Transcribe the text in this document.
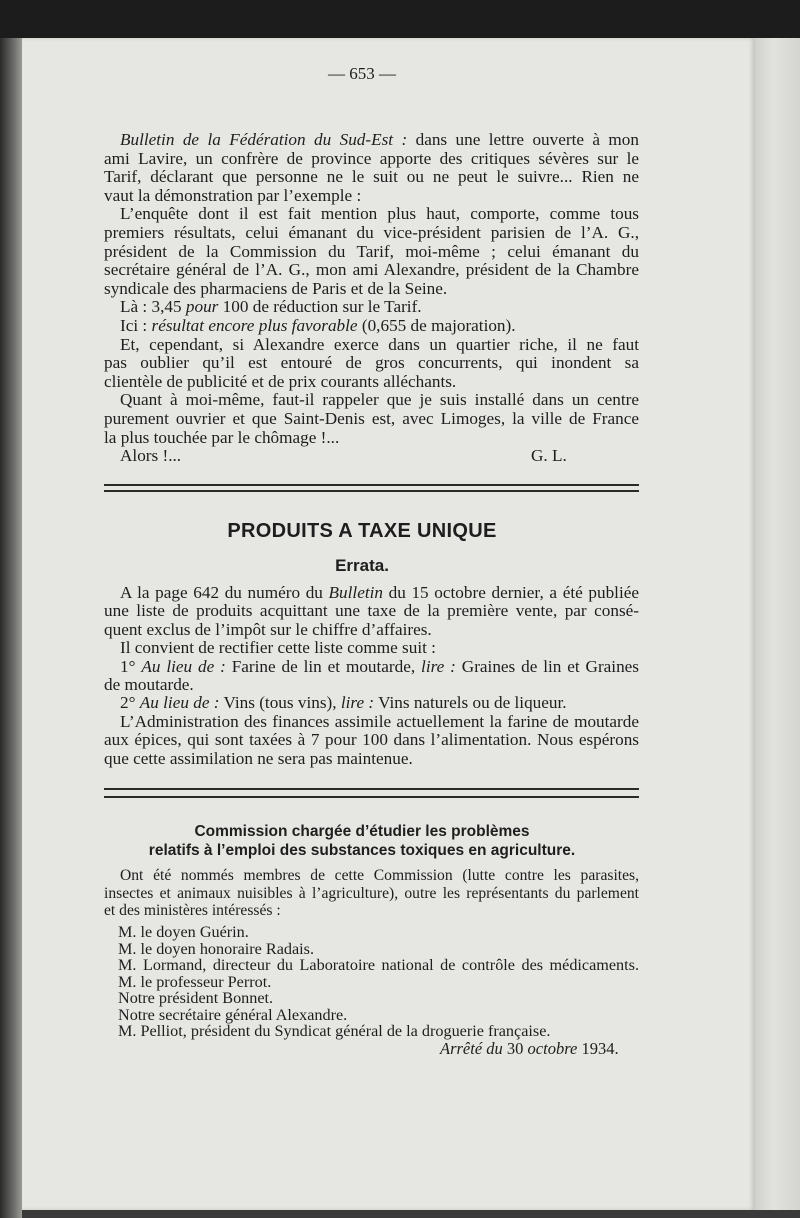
— 653 —
Bulletin de la Fédération du Sud-Est : dans une lettre ouverte à mon
ami Lavire, un confrère de province apporte des critiques sévères sur le
Tarif, déclarant que personne ne le suit ou ne peut le suivre... Rien ne
vaut la démonstration par l’exemple :
L’enquête dont il est fait mention plus haut, comporte, comme tous
premiers résultats, celui émanant du vice-président parisien de l’A. G.,
président de la Commission du Tarif, moi-même ; celui émanant du
secrétaire général de l’A. G., mon ami Alexandre, président de la Chambre
syndicale des pharmaciens de Paris et de la Seine.
Là : 3,45 pour 100 de réduction sur le Tarif.
Ici : résultat encore plus favorable (0,655 de majoration).
Et, cependant, si Alexandre exerce dans un quartier riche, il ne faut
pas oublier qu’il est entouré de gros concurrents, qui inondent sa
clientèle de publicité et de prix courants alléchants.
Quant à moi-même, faut-il rappeler que je suis installé dans un centre
purement ouvrier et que Saint-Denis est, avec Limoges, la ville de France
la plus touchée par le chômage !...
Alors !...	G. L.
PRODUITS A TAXE UNIQUE
Errata.
A la page 642 du numéro du Bulletin du 15 octobre dernier, a été publiée
une liste de produits acquittant une taxe de la première vente, par consé-
quent exclus de l’impôt sur le chiffre d’affaires.
Il convient de rectifier cette liste comme suit :
1° Au lieu de : Farine de lin et moutarde, lire : Graines de lin et Graines
de moutarde.
2° Au lieu de : Vins (tous vins), lire : Vins naturels ou de liqueur.
L’Administration des finances assimile actuellement la farine de moutarde
aux épices, qui sont taxées à 7 pour 100 dans l’alimentation. Nous espérons
que cette assimilation ne sera pas maintenue.
Commission chargée d’étudier les problèmes
relatifs à l’emploi des substances toxiques en agriculture.
Ont été nommés membres de cette Commission (lutte contre les parasites,
insectes et animaux nuisibles à l’agriculture), outre les représentants du parlement
et des ministères intéressés :
M. le doyen Guérin.
M. le doyen honoraire Radais.
M. Lormand, directeur du Laboratoire national de contrôle des médicaments.
M. le professeur Perrot.
Notre président Bonnet.
Notre secrétaire général Alexandre.
M. Pelliot, président du Syndicat général de la droguerie française.
Arrêté du 30 octobre 1934.
